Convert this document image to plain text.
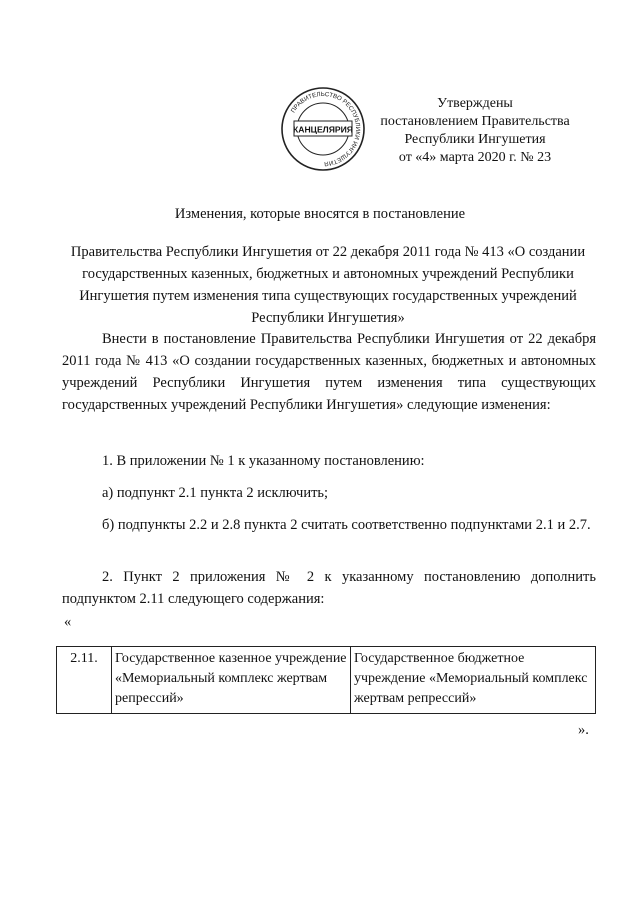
ПРАВИТЕЛЬСТВО РЕСПУБЛИКИ ИНГУШЕТИЯ
КАНЦЕЛЯРИЯ
Утверждены
постановлением Правительства
Республики Ингушетия
от «4» марта 2020 г. № 23
Изменения, которые вносятся в постановление
Правительства Республики Ингушетия от 22 декабря 2011 года № 413 «О создании государственных казенных, бюджетных и автономных учреждений Республики Ингушетия путем изменения типа существующих государственных учреждений Республики Ингушетия»
Внести в постановление Правительства Республики Ингушетия от 22 декабря 2011 года № 413 «О создании государственных казенных, бюджетных и автономных учреждений Республики Ингушетия путем изменения типа существующих государственных учреждений Республики Ингушетия» следующие изменения:
1. В приложении № 1 к указанному постановлению:
а) подпункт 2.1 пункта 2 исключить;
б) подпункты 2.2 и 2.8 пункта 2 считать соответственно подпунктами 2.1 и 2.7.
2. Пункт 2 приложения № 2 к указанному постановлению дополнить подпунктом 2.11 следующего содержания:
«
2.11.	Государственное казенное учреждение «Мемориальный комплекс жертвам репрессий»	Государственное бюджетное учреждение «Мемориальный комплекс жертвам репрессий»
».
